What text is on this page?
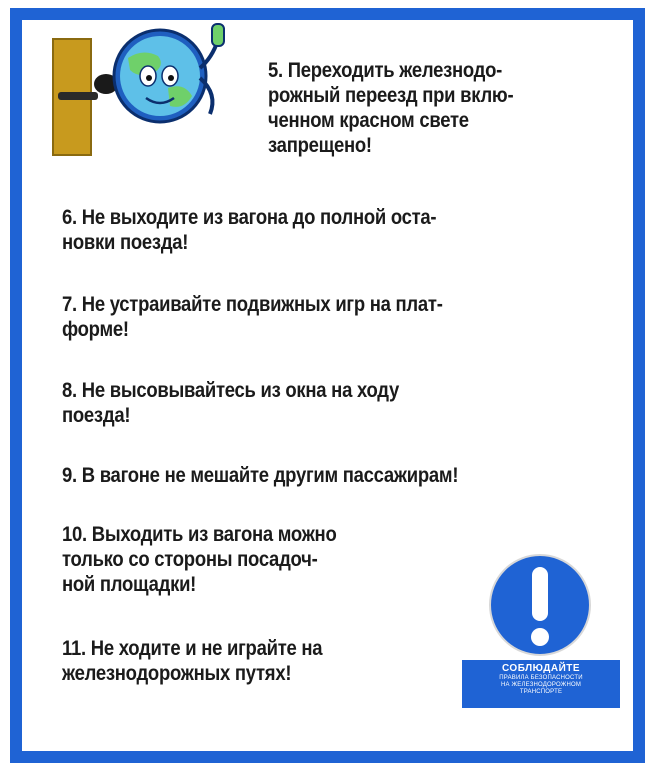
5. Переходить железнодо-
рожный переезд при вклю-
ченном красном свете
запрещено!
6. Не выходите из вагона до полной оста-
новки поезда!
7. Не устраивайте подвижных игр на плат-
форме!
8. Не высовывайтесь из окна на ходу
поезда!
9. В вагоне не мешайте другим пассажирам!
10. Выходить из вагона можно
только со стороны посадоч-
ной площадки!
11. Не ходите и не играйте на
железнодорожных путях!	СОБЛЮДАЙТЕ
ПРАВИЛА БЕЗОПАСНОСТИ
НА ЖЕЛЕЗНОДОРОЖНОМ
ТРАНСПОРТЕ
